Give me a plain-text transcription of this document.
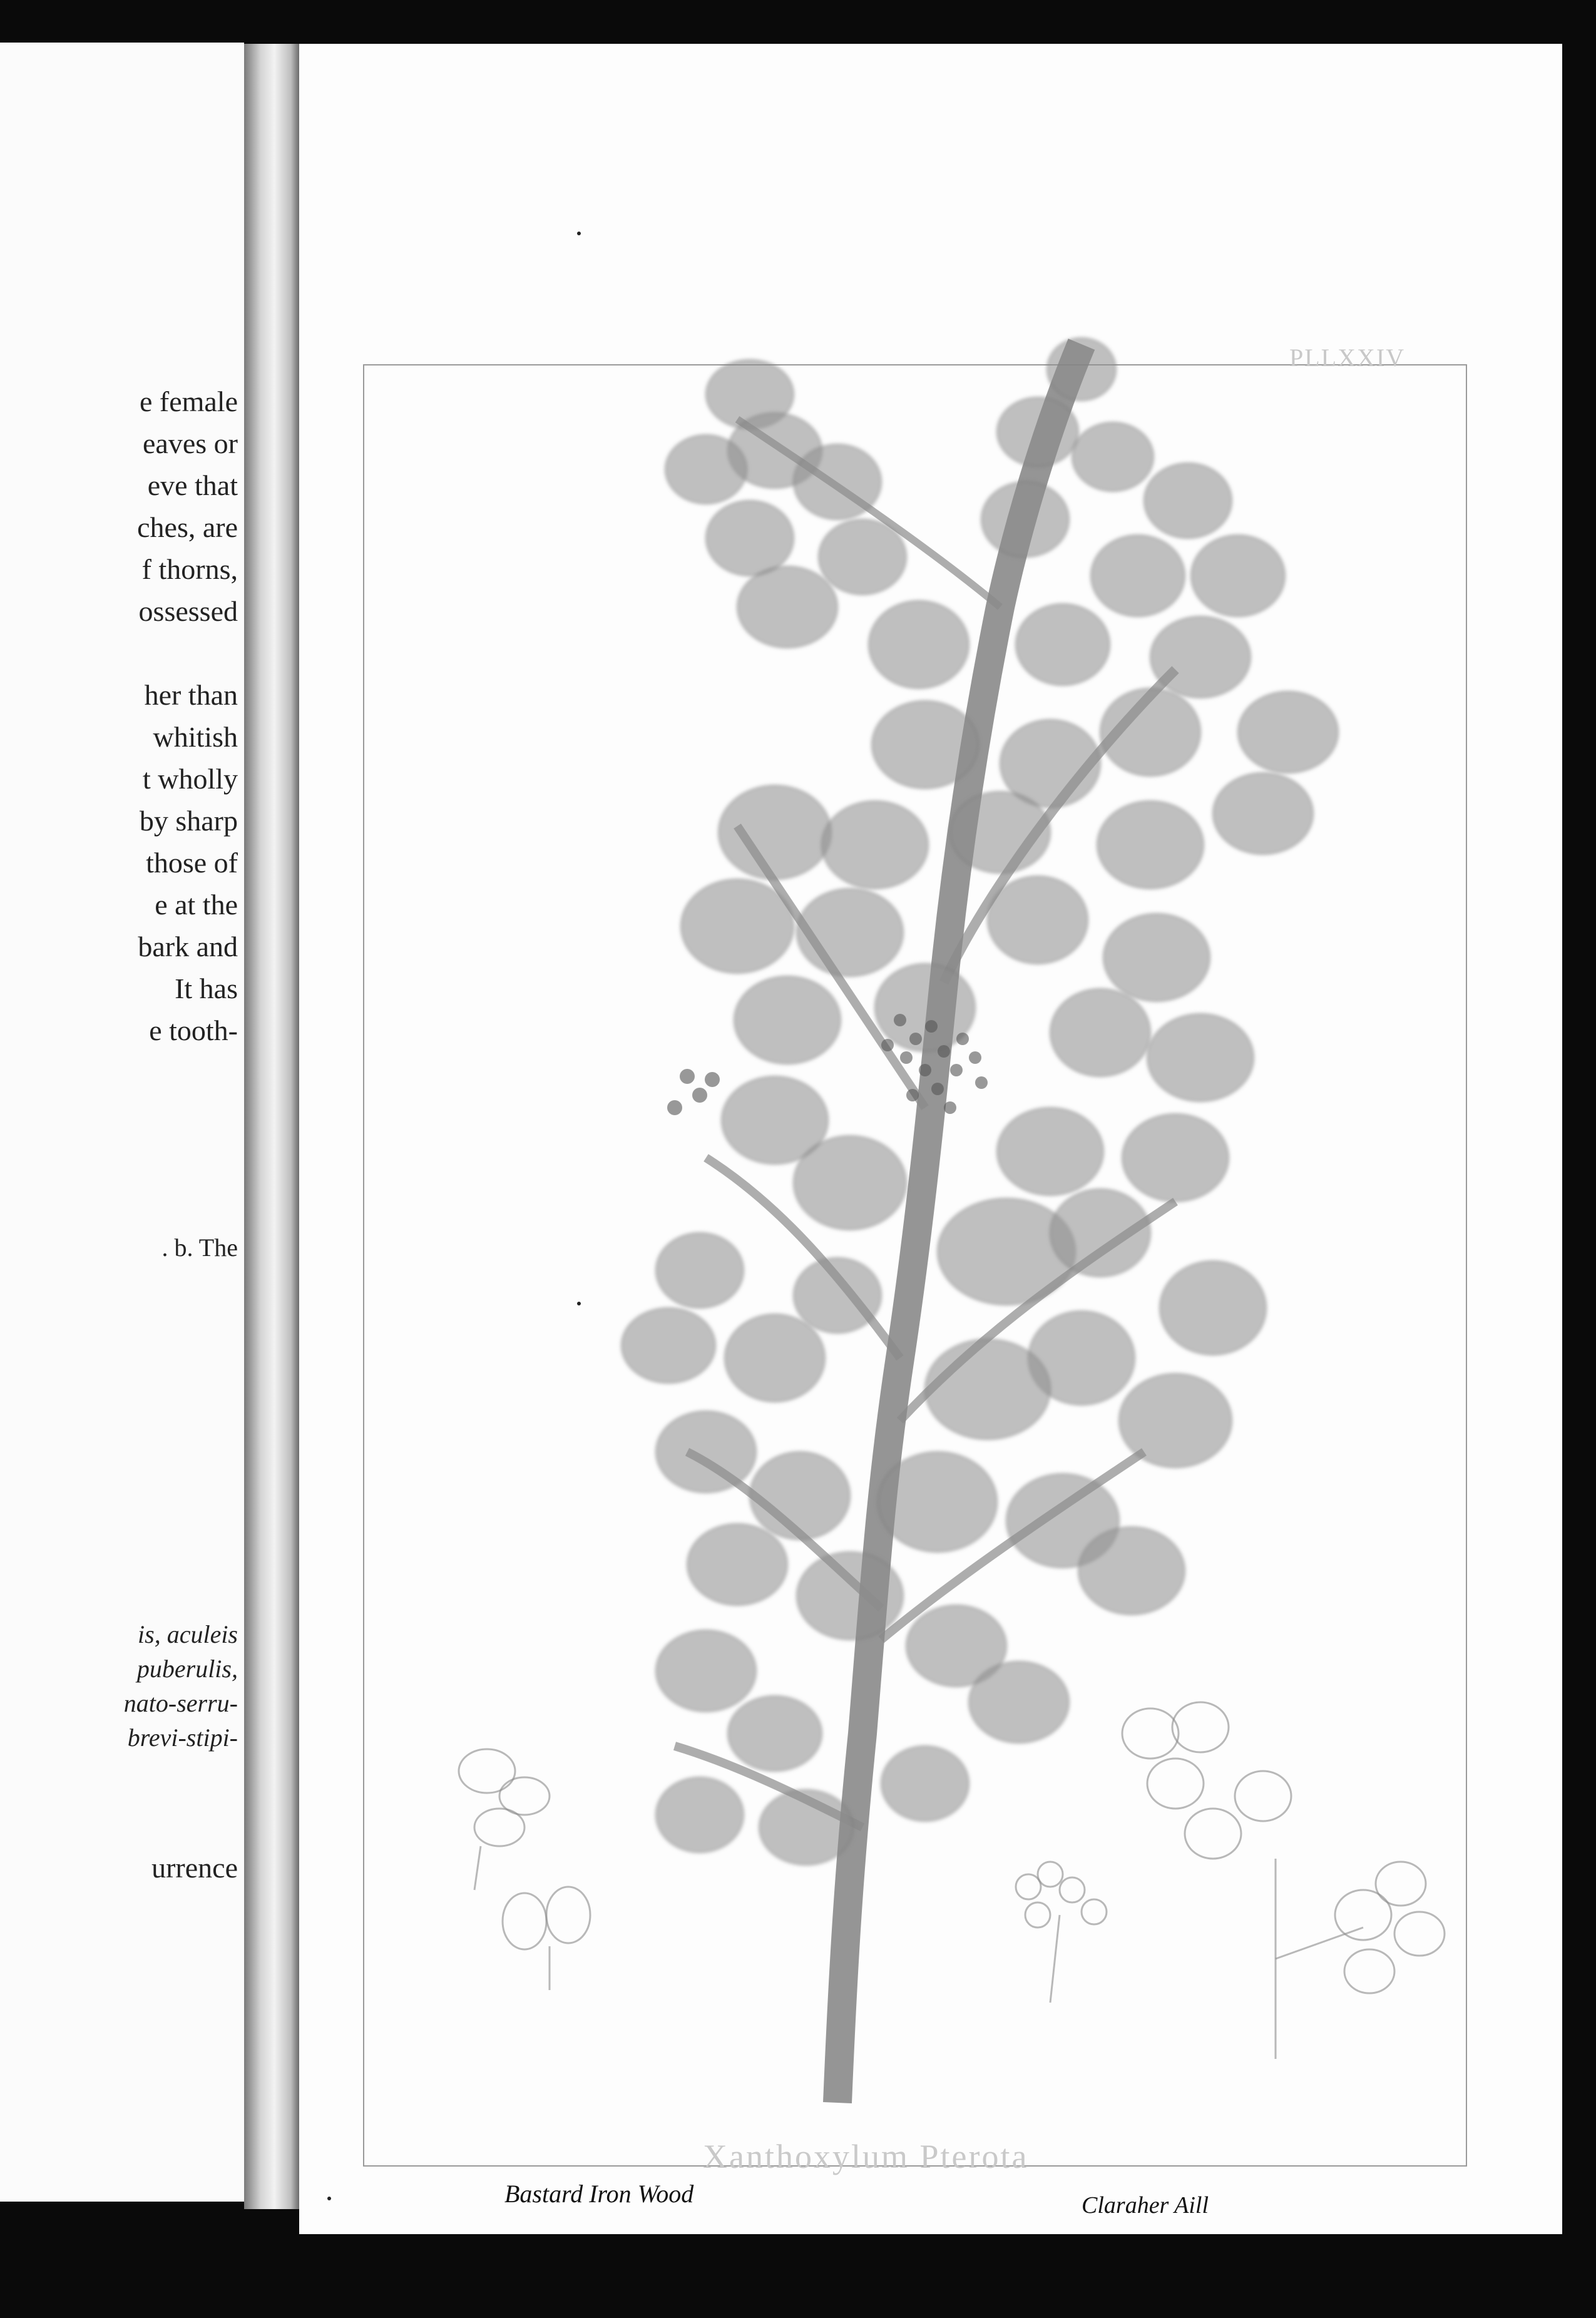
e female
eaves or
eve that
ches, are
f thorns,
ossessed
her than
whitish
t wholly
by sharp
those of
e at the
bark and
It has
e tooth-
. b. The
is, aculeis
puberulis,
nato-serru-
brevi-stipi-
urrence
PLLXXIV
Xanthoxylum Pterota
Bastard Iron Wood	Claraher Aill
